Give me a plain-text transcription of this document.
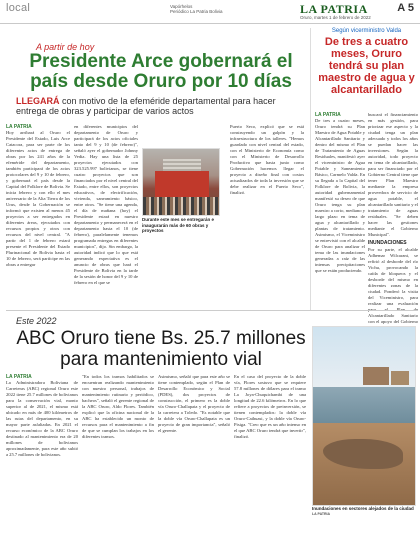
local	Vapórhelos
Periódico La Patria Bolivia	LA PATRIA	A 5
Oruro, martes 1 de febrero de 2022
A partir de hoy
Presidente Arce gobernará el país desde Oruro por 10 días
LLEGARÁ con motivo de la efeméride departamental para hacer entrega de obras y participar de varios actos
LA PATRIA

Hoy arribará al Oruro el Presidente del Estado, Luis Arce Catacora, para ser parte de los diferentes actos de entrega de obras por los 241 años de la efeméride del departamento, también participará de los actos protocolares del 9 y 10 de febrero, y gobernará el país desde la Capital del Folklore de Bolivia. Se inicia febrero y con ello el mes aniversario de la Alta Tierra de los Urus, desde la Gobernación se informó que existen al menos 45 proyectos a ser entregados en diferentes áreas, ejecutados con recursos propios y otros con recursos del nivel central. "A partir del 1 de febrero estará presente el Presidente del Estado Plurinacional de Bolivia hasta el 10 de febrero, será partícipe en las obras a entregar

en diferentes municipios del departamento de Oruro y participará de los actos oficiales tanto del 9 y 10 (de febrero)", señaló ayer el gobernador Johnny Vedia. Hay una lista de 25 proyectos ejecutados con 323.525.997 bolivianos, se tiene cuatro proyectos que son financiados por el nivel central del Estado, entre ellos, son proyectos educativos, de electrificación, vivienda, saneamiento básico, entre otros. "Se tiene una agenda, el día de mañana (hoy) el Presidente estará en nuestro departamento y permanecerá en el departamento hasta el 10 (de febrero), paralelamente tenemos programada entregas en diferentes municipios", dijo. Sin embargo, la autoridad indicó que lo que está generando expectativa es el anuncio de obras que hará el Presidente de Bolivia en la tarde de la sesión de honor del 9 y 10 de febrero en el que se

Puerto Seco, explicó que se está construyendo un galpón y la infraestructura de los talleres. "Hemos guardado con nivel central del estado, con el Ministerio de Economía como con el Ministerio de Desarrollo Productivo que hasta junio como Gobernación hacemos llegar el proyecto a diseño final con costos actualizados de toda la inversión que se debe realizar en el Puerto Seco", finalizó.

Durante este mes se entregarán e inaugurarán más de 60 obras y proyectos
Según vicerministro Valda
De tres a cuatro meses, Oruro tendrá su plan maestro de agua y alcantarillado
LA PATRIA

De tres a cuatro meses, Oruro tendrá su Plan Maestro de Agua Potable y Alcantarillado Sanitario y dentro del mismo el Plan de Tratamiento de Aguas Residuales, manifestó ayer el viceministro de Agua Potable y Saneamiento Básico, Carmelo Valda. En su llegada a la Capital del Folklore de Bolivia, la autoridad gubernamental manifestó su deseo de que Oruro tenga su plan maestro a corto, mediano y largo plazo en tema de agua y alcantarillado y plantas de tratamiento. Asimismo, el Viceministro se entrevistó con el alcalde de Oruro para analizar el tema de las inundaciones generadas a raíz de las intensas precipitaciones que se están produciendo.

buscará el financiamiento en más gestión, para priorizar ese aspecto y la ciudad tenga un plan adecuado y todos los años se puedan hacer las inversiones. Según la autoridad, todo proyecto en tema de alcantarillado, para ser financiado por el Gobierno Central tiene que tener Plan Maestro mediante la empresa proveedora de servicio de agua potable, el alcantarillado sanitario y el tratamiento de aguas residuales. "Se deben hacer las gestiones mediante el Gobierno Municipal".

INUNDACIONES

Por su parte, el alcalde Adhemar Wilcarani, se refirió al desborde del río Vichu, provocando la caída de bloqueos y el desborde del mismo en diferentes zonas de la ciudad. Ponderó la visita del Viceministro, para realizar una evaluación para el Plan de Alcantarillado Sanitario con el apoyo del Gobierno

Este 2022
ABC Oruro tiene Bs. 25.7 millones para mantenimiento vial
LA PATRIA

La Administradora Boliviana de Carreteras (ABC) regional Oruro este 2022 tiene 25.7 millones de bolivianos para la conservación vial, monto superior al de 2021, el mismo está ubicado en más de 400 kilómetros de las rutas del departamento, en su mayor parte asfaltadas. En 2021 el recurso económico de la ABC Oruro destinado al mantenimiento era de 20 millones de bolivianos aproximadamente, para este año subió a 25.7 millones de bolivianos.

"En todos los tramos habilitados se encuentran realizando mantenimiento con nuestro personal, trabajos de mantenimiento rutinario y periódico, bacheos", señaló el gerente regional de la ABC Oruro, Aldo Flores. También explicó que la oficina nacional de la ABC ha establecido un monto de recursos para el mantenimiento a fin de que se cumplan los trabajos en los diferentes tramos.

Asimismo, señaló que para este año se tiene contemplado, según el Plan de Desarrollo Económico y Social (PDES), dos proyectos de construcción, el primero es la doble vía Oruro-Challapata y el proyecto de la carretera a Toledo. "Es notable que la doble vía Oruro-Challapata es un proyecto de gran importancia", señaló el gerente.

En el caso del proyecto de la doble vía, Flores sostuvo que se requiere 57.8 millones de dólares para el tramo La Joya-Chuquichambi de una longitud de 22.6 kilómetros. En lo que refiere a proyectos de preinversión, se tienen contemplados: la doble vía Oruro-Caihuasi, y la doble vía Oruro-Pisiga. "Creo que es un año intenso en el que ABC Oruro tendrá que invertir", finalizó.

Inundaciones en sectores alejados de la ciudad
LA PATRIA
